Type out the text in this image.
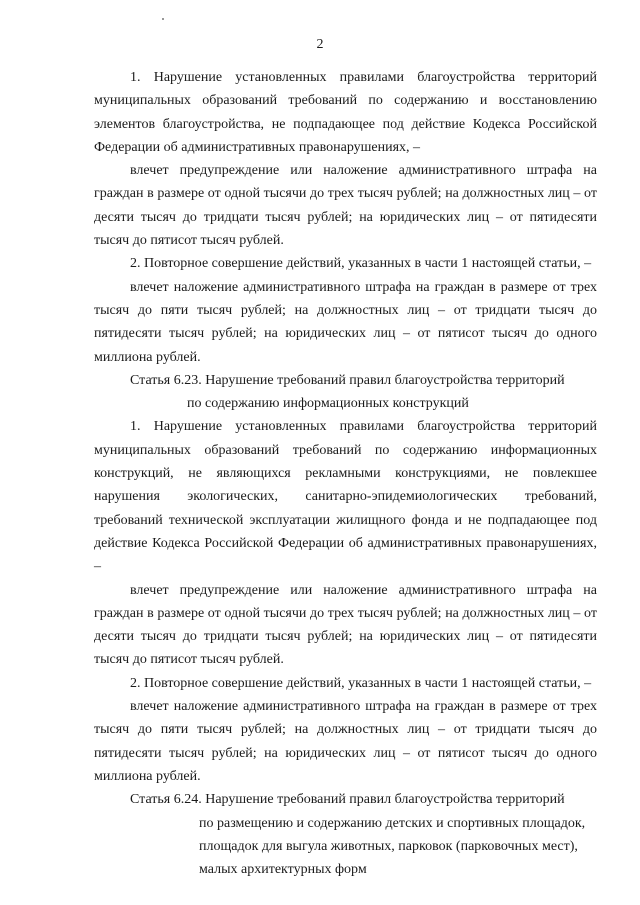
2

1. Нарушение установленных правилами благоустройства территорий муниципальных образований требований по содержанию и восстановлению элементов благоустройства, не подпадающее под действие Кодекса Российской Федерации об административных правонарушениях, –

влечет предупреждение или наложение административного штрафа на граждан в размере от одной тысячи до трех тысяч рублей; на должностных лиц – от десяти тысяч до тридцати тысяч рублей; на юридических лиц – от пятидесяти тысяч до пятисот тысяч рублей.

2. Повторное совершение действий, указанных в части 1 настоящей статьи, –

влечет наложение административного штрафа на граждан в размере от трех тысяч до пяти тысяч рублей; на должностных лиц – от тридцати тысяч до пятидесяти тысяч рублей; на юридических лиц – от пятисот тысяч до одного миллиона рублей.

Статья 6.23. Нарушение требований правил благоустройства территорий
по содержанию информационных конструкций

1. Нарушение установленных правилами благоустройства территорий муниципальных образований требований по содержанию информационных конструкций, не являющихся рекламными конструкциями, не повлекшее нарушения экологических, санитарно-эпидемиологических требований, требований технической эксплуатации жилищного фонда и не подпадающее под действие Кодекса Российской Федерации об административных правонарушениях, –

влечет предупреждение или наложение административного штрафа на граждан в размере от одной тысячи до трех тысяч рублей; на должностных лиц – от десяти тысяч до тридцати тысяч рублей; на юридических лиц – от пятидесяти тысяч до пятисот тысяч рублей.

2. Повторное совершение действий, указанных в части 1 настоящей статьи, –

влечет наложение административного штрафа на граждан в размере от трех тысяч до пяти тысяч рублей; на должностных лиц – от тридцати тысяч до пятидесяти тысяч рублей; на юридических лиц – от пятисот тысяч до одного миллиона рублей.

Статья 6.24. Нарушение требований правил благоустройства территорий
по размещению и содержанию детских и спортивных площадок,
площадок для выгула животных, парковок (парковочных мест),
малых архитектурных форм
